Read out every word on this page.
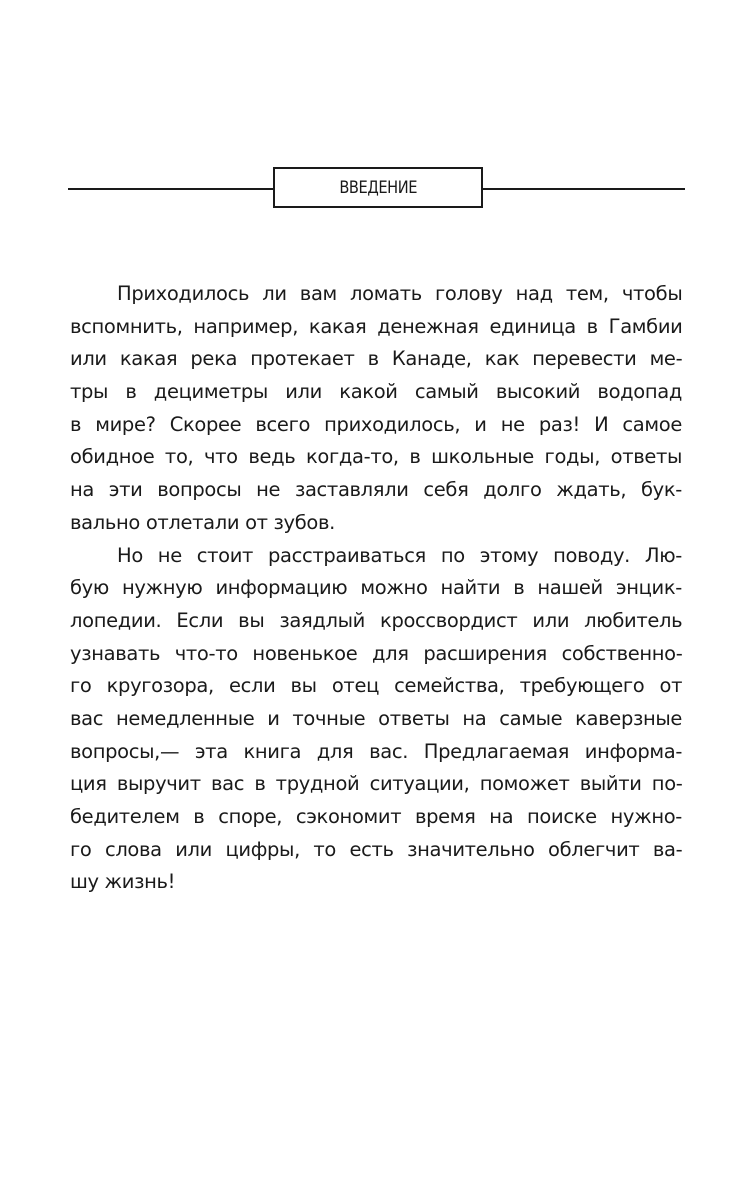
ВВЕДЕНИЕ
Приходилось ли вам ломать голову над тем, чтобы
вспомнить, например, какая денежная единица в Гамбии
или какая река протекает в Канаде, как перевести ме-
тры в дециметры или какой самый высокий водопад
в мире? Скорее всего приходилось, и не раз! И самое
обидное то, что ведь когда-то, в школьные годы, ответы
на эти вопросы не заставляли себя долго ждать, бук-
вально отлетали от зубов.
Но не стоит расстраиваться по этому поводу. Лю-
бую нужную информацию можно найти в нашей энцик-
лопедии. Если вы заядлый кроссвордист или любитель
узнавать что-то новенькое для расширения собственно-
го кругозора, если вы отец семейства, требующего от
вас немедленные и точные ответы на самые каверзные
вопросы,— эта книга для вас. Предлагаемая информа-
ция выручит вас в трудной ситуации, поможет выйти по-
бедителем в споре, сэкономит время на поиске нужно-
го слова или цифры, то есть значительно облегчит ва-
шу жизнь!
